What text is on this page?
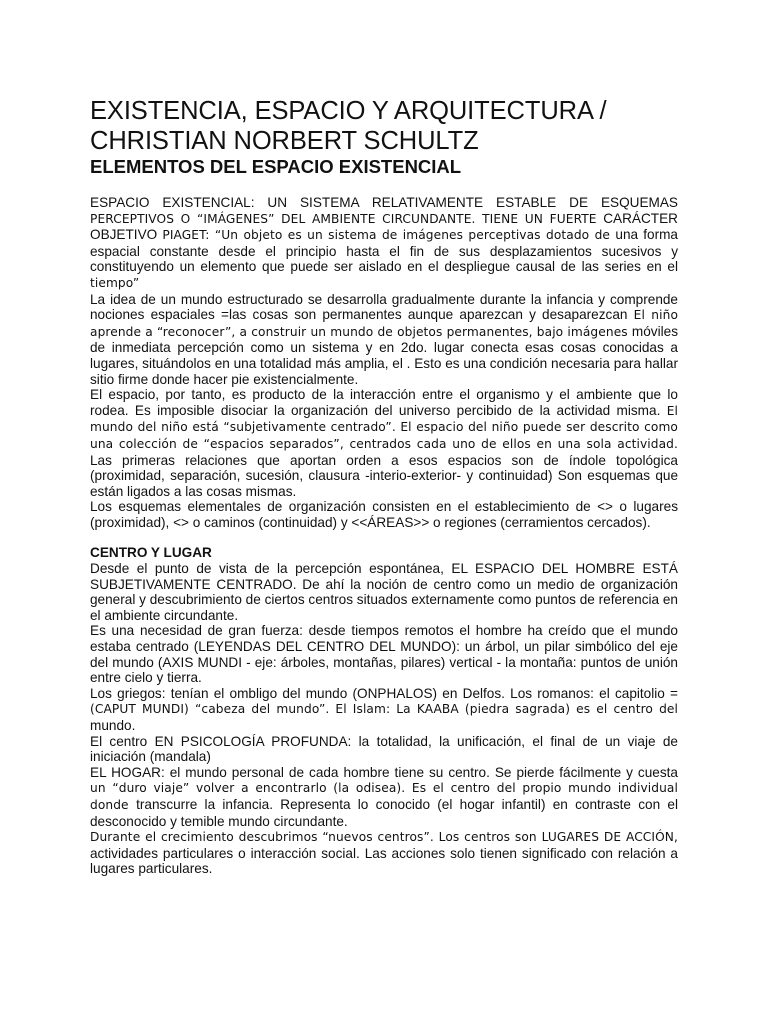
EXISTENCIA, ESPACIO Y ARQUITECTURA /
CHRISTIAN NORBERT SCHULTZ
ELEMENTOS DEL ESPACIO EXISTENCIAL

ESPACIO EXISTENCIAL: UN SISTEMA RELATIVAMENTE ESTABLE DE ESQUEMAS PERCEPTIVOS O “IMÁGENES” DEL AMBIENTE CIRCUNDANTE. TIENE UN FUERTE CARÁCTER OBJETIVO PIAGET: “Un objeto es un sistema de imágenes perceptivas dotado de una forma espacial constante desde el principio hasta el fin de sus desplazamientos sucesivos y constituyendo un elemento que puede ser aislado en el despliegue causal de las series en el tiempo”

La idea de un mundo estructurado se desarrolla gradualmente durante la infancia y comprende nociones espaciales =las cosas son permanentes aunque aparezcan y desaparezcan El niño aprende a “reconocer”, a construir un mundo de objetos permanentes, bajo imágenes móviles de inmediata percepción como un sistema y en 2do. lugar conecta esas cosas conocidas a lugares, situándolos en una totalidad más amplia, el . Esto es una condición necesaria para hallar sitio firme donde hacer pie existencialmente.

El espacio, por tanto, es producto de la interacción entre el organismo y el ambiente que lo rodea. Es imposible disociar la organización del universo percibido de la actividad misma. El mundo del niño está “subjetivamente centrado”. El espacio del niño puede ser descrito como una colección de “espacios separados”, centrados cada uno de ellos en una sola actividad. Las primeras relaciones que aportan orden a esos espacios son de índole topológica (proximidad, separación, sucesión, clausura -interio-exterior- y continuidad) Son esquemas que están ligados a las cosas mismas.

Los esquemas elementales de organización consisten en el establecimiento de <> o lugares (proximidad), <> o caminos (continuidad) y <<ÁREAS>> o regiones (cerramientos cercados).

CENTRO Y LUGAR

Desde el punto de vista de la percepción espontánea, EL ESPACIO DEL HOMBRE ESTÁ SUBJETIVAMENTE CENTRADO. De ahí la noción de centro como un medio de organización general y descubrimiento de ciertos centros situados externamente como puntos de referencia en el ambiente circundante.

Es una necesidad de gran fuerza: desde tiempos remotos el hombre ha creído que el mundo estaba centrado (LEYENDAS DEL CENTRO DEL MUNDO): un árbol, un pilar simbólico del eje del mundo (AXIS MUNDI - eje: árboles, montañas, pilares) vertical - la montaña: puntos de unión entre cielo y tierra.

Los griegos: tenían el ombligo del mundo (ONPHALOS) en Delfos. Los romanos: el capitolio = (CAPUT MUNDI) “cabeza del mundo”. El Islam: La KAABA (piedra sagrada) es el centro del mundo.

El centro EN PSICOLOGÍA PROFUNDA: la totalidad, la unificación, el final de un viaje de iniciación (mandala)

EL HOGAR: el mundo personal de cada hombre tiene su centro. Se pierde fácilmente y cuesta un “duro viaje” volver a encontrarlo (la odisea). Es el centro del propio mundo individual donde transcurre la infancia. Representa lo conocido (el hogar infantil) en contraste con el desconocido y temible mundo circundante.

Durante el crecimiento descubrimos “nuevos centros”. Los centros son LUGARES DE ACCIÓN, actividades particulares o interacción social. Las acciones solo tienen significado con relación a lugares particulares.
